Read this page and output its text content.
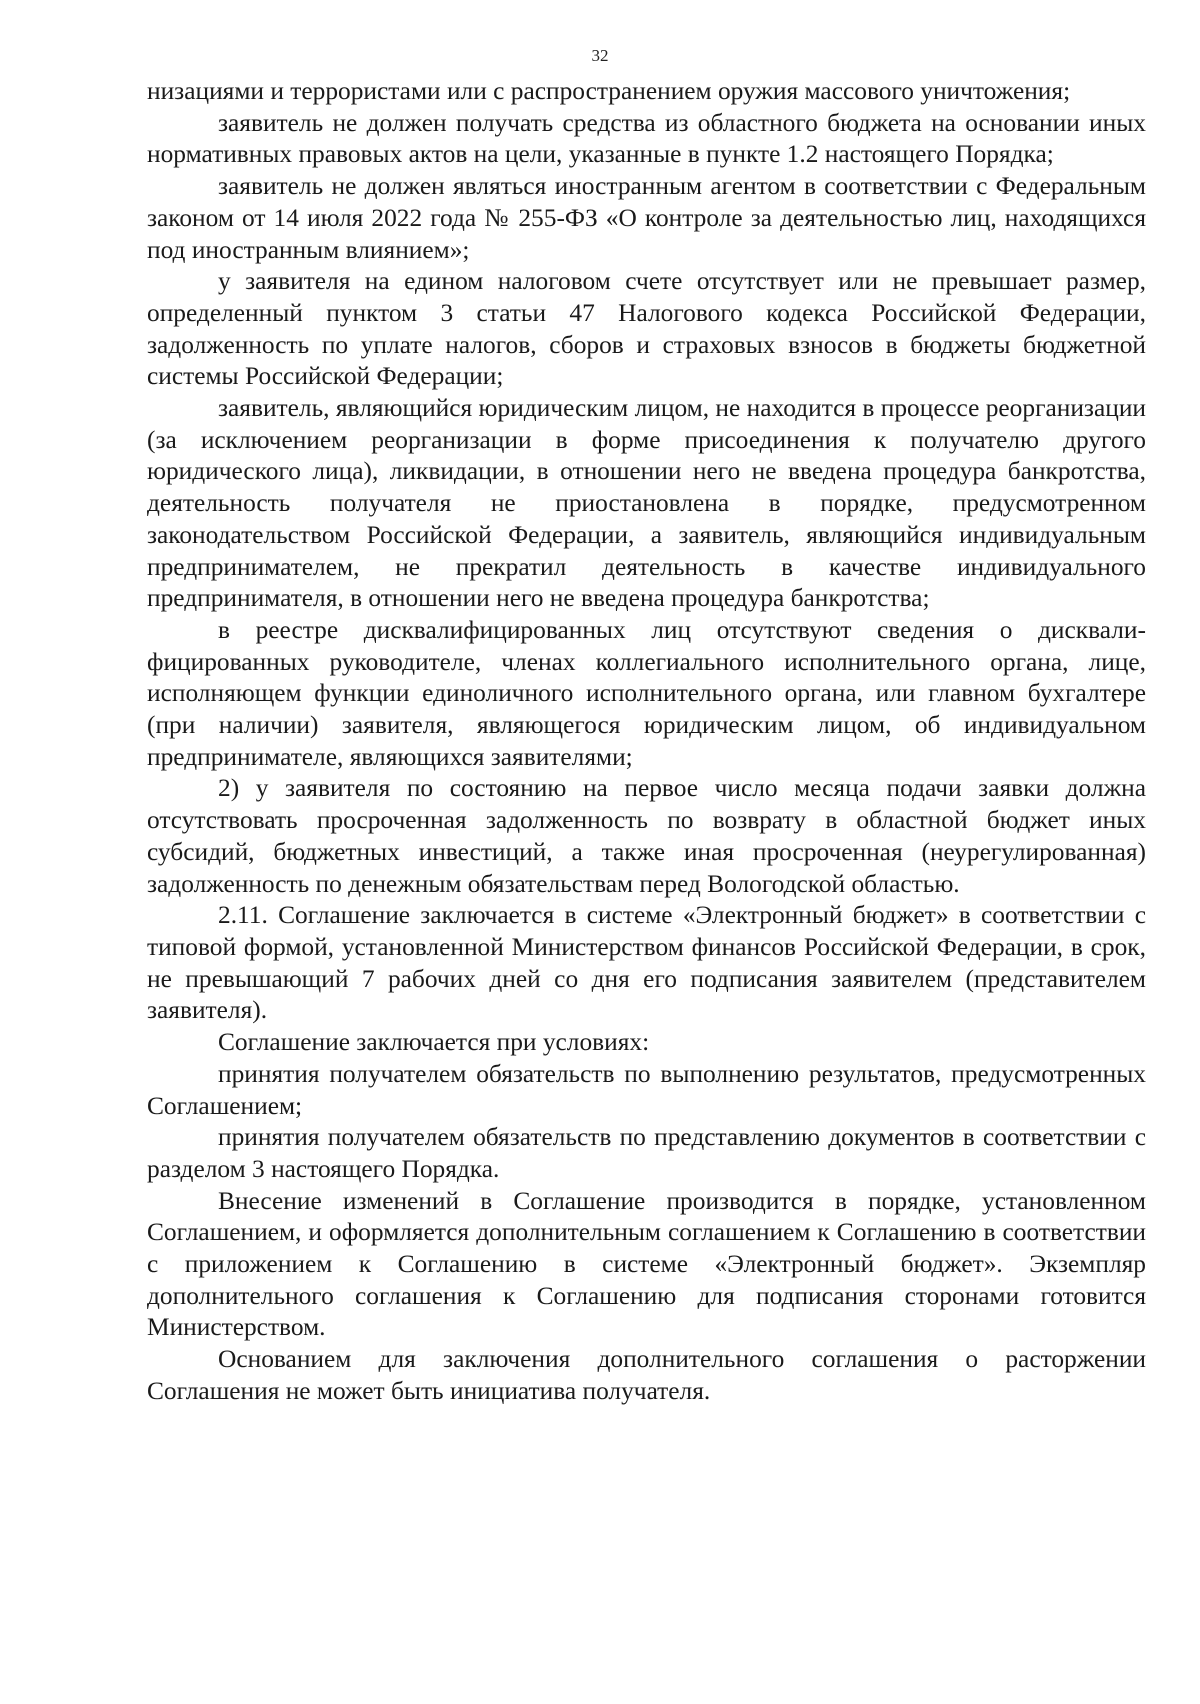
32

низациями и террористами или с распространением оружия массового уничтожения;

заявитель не должен получать средства из областного бюджета на основании иных нормативных правовых актов на цели, указанные в пункте 1.2 настоящего Порядка;

заявитель не должен являться иностранным агентом в соответствии с Федеральным законом от 14 июля 2022 года № 255-ФЗ «О контроле за деятельностью лиц, находящихся под иностранным влиянием»;

у заявителя на едином налоговом счете отсутствует или не превышает размер, определенный пунктом 3 статьи 47 Налогового кодекса Российской Федерации, задолженность по уплате налогов, сборов и страховых взносов в бюджеты бюджетной системы Российской Федерации;

заявитель, являющийся юридическим лицом, не находится в процессе реорганизации (за исключением реорганизации в форме присоединения к получателю другого юридического лица), ликвидации, в отношении него не введена процедура банкротства, деятельность получателя не приостановлена в порядке, предусмотренном законодательством Российской Федерации, а заявитель, являющийся индивидуальным предпринимателем, не прекратил деятельность в качестве индивидуального предпринимателя, в отношении него не введена процедура банкротства;

в реестре дисквалифицированных лиц отсутствуют сведения о дисквалифицированных руководителе, членах коллегиального исполнительного органа, лице, исполняющем функции единоличного исполнительного органа, или главном бухгалтере (при наличии) заявителя, являющегося юридическим лицом, об индивидуальном предпринимателе, являющихся заявителями;

2) у заявителя по состоянию на первое число месяца подачи заявки должна отсутствовать просроченная задолженность по возврату в областной бюджет иных субсидий, бюджетных инвестиций, а также иная просроченная (неурегулированная) задолженность по денежным обязательствам перед Вологодской областью.

2.11. Соглашение заключается в системе «Электронный бюджет» в соответствии с типовой формой, установленной Министерством финансов Российской Федерации, в срок, не превышающий 7 рабочих дней со дня его подписания заявителем (представителем заявителя).

Соглашение заключается при условиях:

принятия получателем обязательств по выполнению результатов, предусмотренных Соглашением;

принятия получателем обязательств по представлению документов в соответствии с разделом 3 настоящего Порядка.

Внесение изменений в Соглашение производится в порядке, установленном Соглашением, и оформляется дополнительным соглашением к Соглашению в соответствии с приложением к Соглашению в системе «Электронный бюджет». Экземпляр дополнительного соглашения к Соглашению для подписания сторонами готовится Министерством.

Основанием для заключения дополнительного соглашения о расторжении Соглашения не может быть инициатива получателя.
